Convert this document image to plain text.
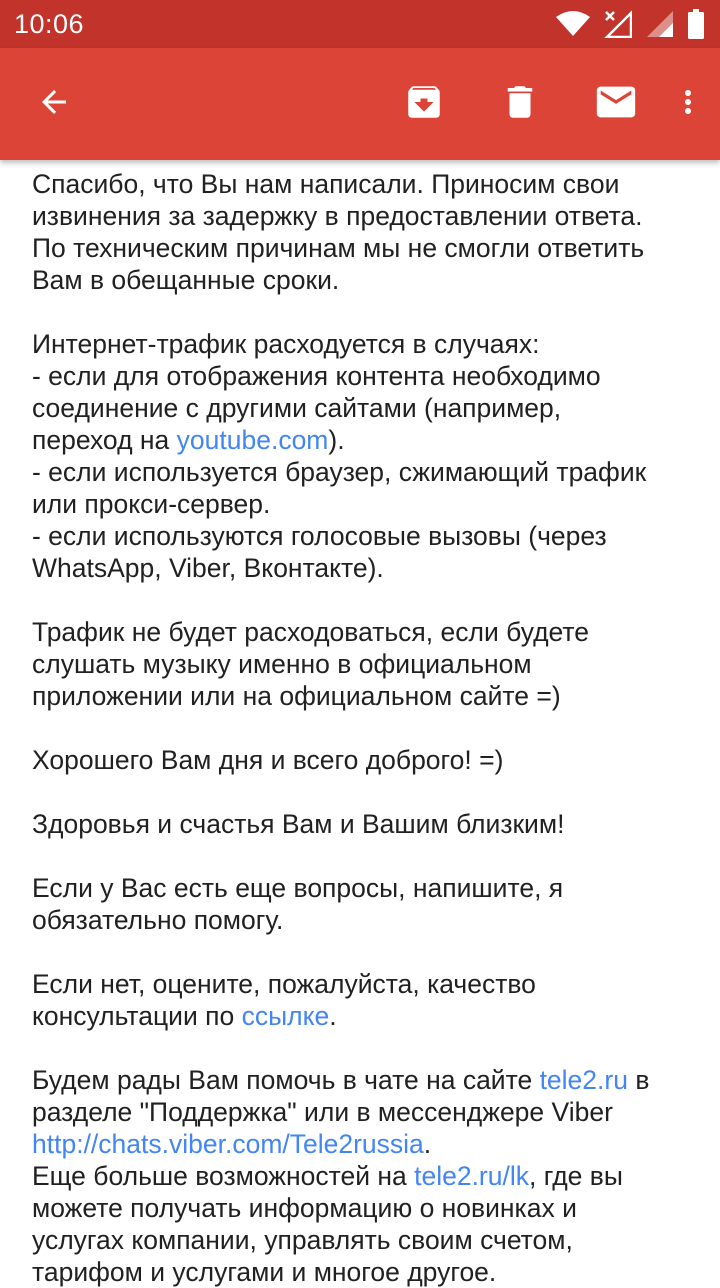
10:06

Спасибо, что Вы нам написали. Приносим свои
извинения за задержку в предоставлении ответа.
По техническим причинам мы не смогли ответить
Вам в обещанные сроки.

Интернет-трафик расходуется в случаях:
- если для отображения контента необходимо
соединение с другими сайтами (например,
переход на youtube.com).
- если используется браузер, сжимающий трафик
или прокси-сервер.
- если используются голосовые вызовы (через
WhatsApp, Viber, Вконтакте).

Трафик не будет расходоваться, если будете
слушать музыку именно в официальном
приложении или на официальном сайте =)

Хорошего Вам дня и всего доброго! =)

Здоровья и счастья Вам и Вашим близким!

Если у Вас есть еще вопросы, напишите, я
обязательно помогу.

Если нет, оцените, пожалуйста, качество
консультации по ссылке.

Будем рады Вам помочь в чате на сайте tele2.ru в
разделе "Поддержка" или в мессенджере Viber
http://chats.viber.com/Tele2russia.
Еще больше возможностей на tele2.ru/lk, где вы
можете получать информацию о новинках и
услугах компании, управлять своим счетом,
тарифом и услугами и многое другое.
